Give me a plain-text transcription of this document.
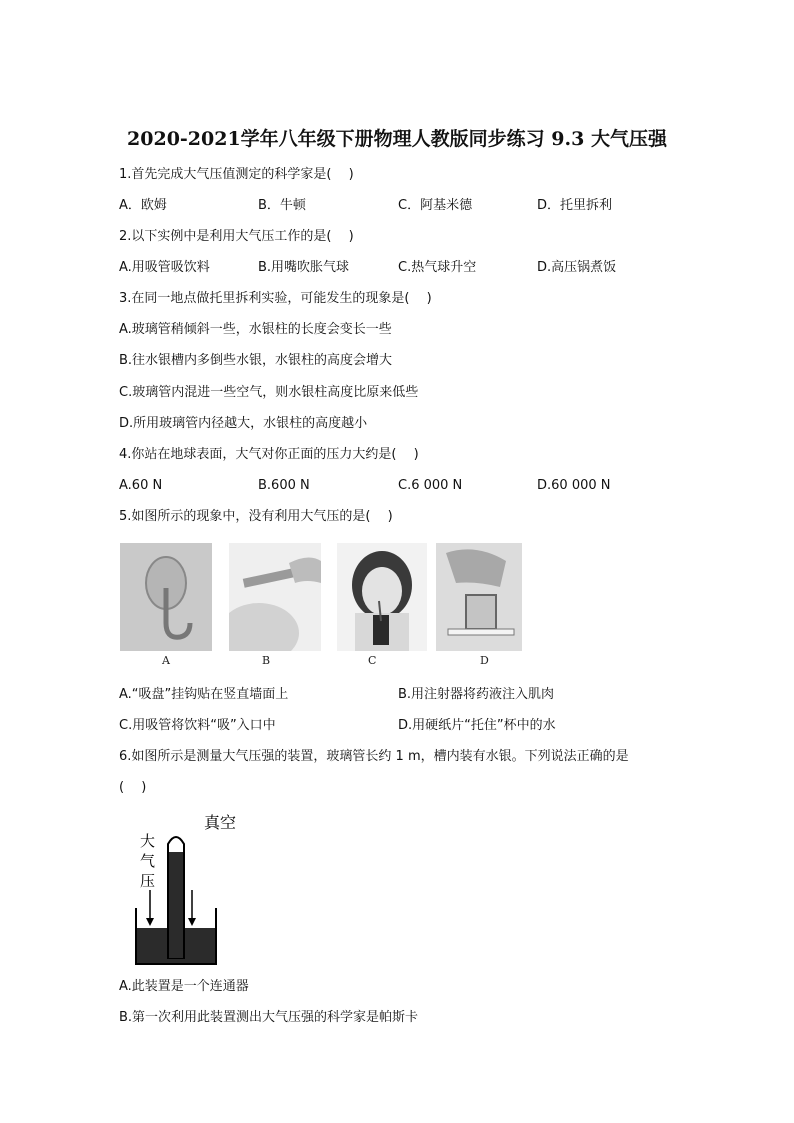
2020-2021学年八年级下册物理人教版同步练习 9.3 大气压强
1.首先完成大气压值测定的科学家是(　 )
A．欧姆	B．牛顿	C．阿基米德	D．托里拆利
2.以下实例中是利用大气压工作的是(　 )
A.用吸管吸饮料	B.用嘴吹胀气球	C.热气球升空	D.高压锅煮饭
3.在同一地点做托里拆利实验，可能发生的现象是(　 )
A.玻璃管稍倾斜一些，水银柱的长度会变长一些
B.往水银槽内多倒些水银，水银柱的高度会增大
C.玻璃管内混进一些空气，则水银柱高度比原来低些
D.所用玻璃管内径越大，水银柱的高度越小
4.你站在地球表面，大气对你正面的压力大约是(　 )
A.60 N	B.600 N	C.6 000 N	D.60 000 N
5.如图所示的现象中，没有利用大气压的是(　 )
A	B	C	D
A.“吸盘”挂钩贴在竖直墙面上	B.用注射器将药液注入肌肉
C.用吸管将饮料“吸”入口中	D.用硬纸片“托住”杯中的水
6.如图所示是测量大气压强的装置，玻璃管长约 1 m，槽内装有水银。下列说法正确的是
(　 )
真空
大
气
压
A.此装置是一个连通器
B.第一次利用此装置测出大气压强的科学家是帕斯卡
